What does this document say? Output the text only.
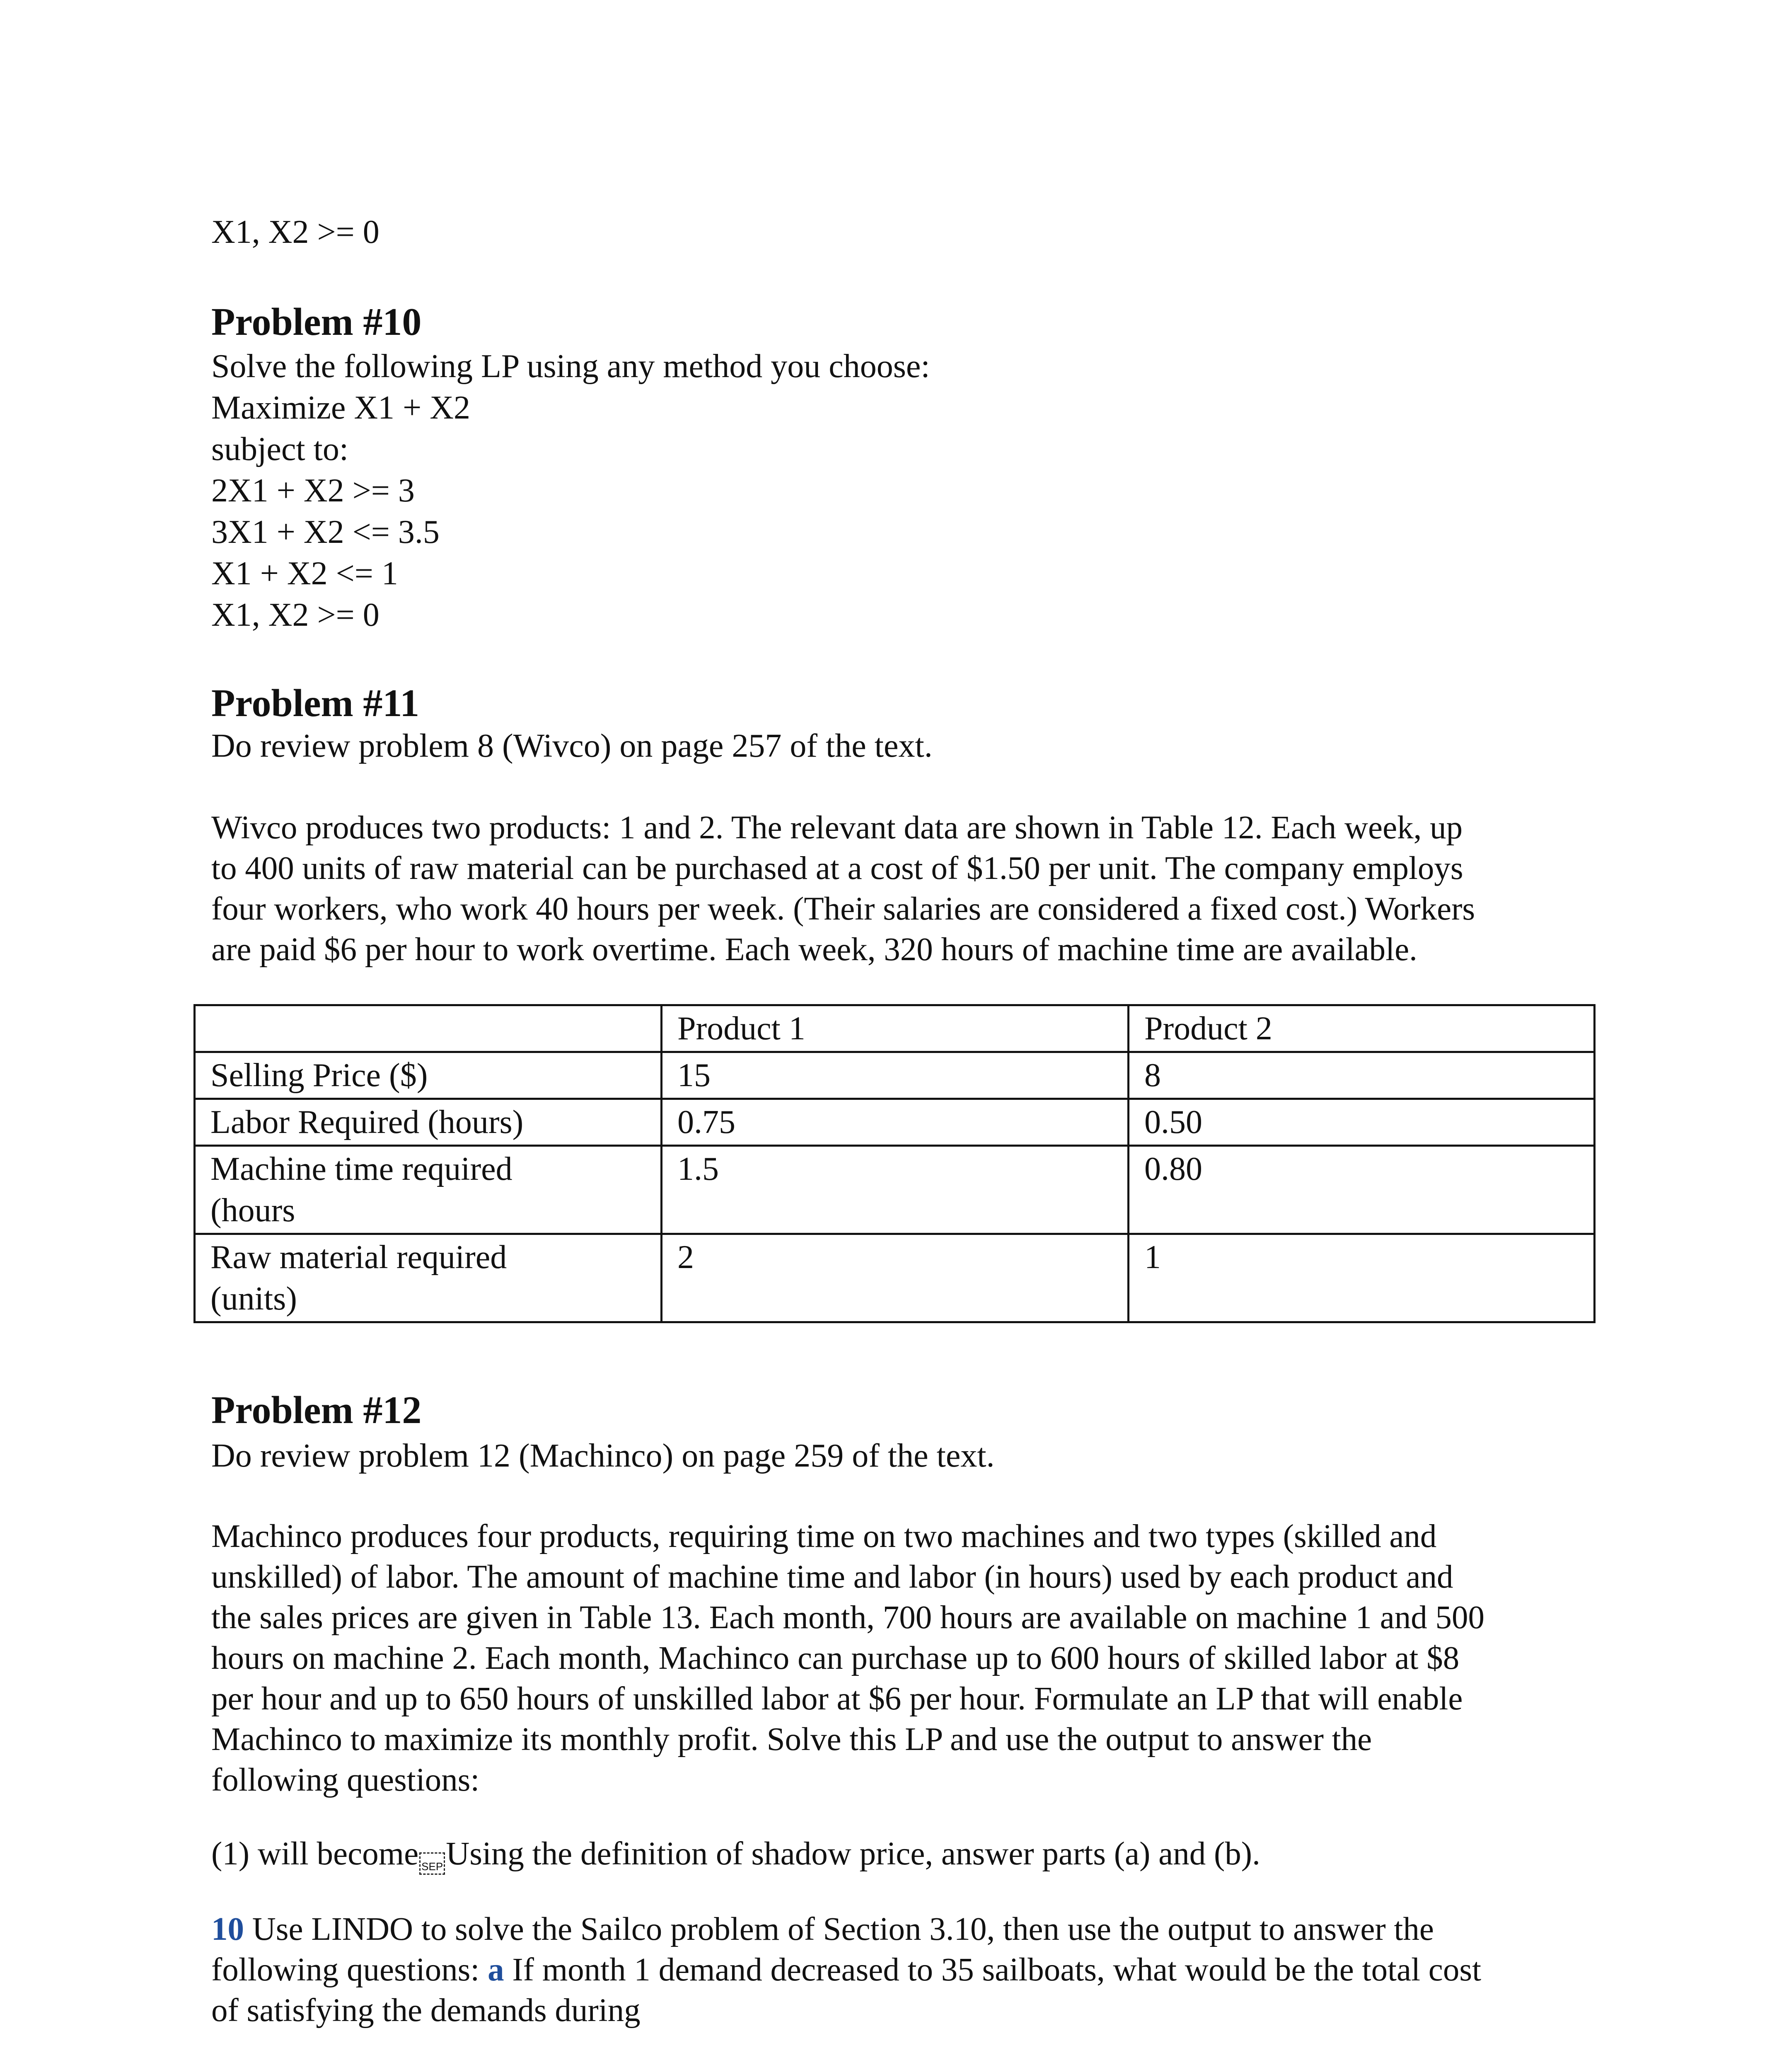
X1, X2 >= 0
Problem #10
Solve the following LP using any method you choose:
Maximize X1 + X2
subject to:
2X1 + X2 >= 3
3X1 + X2 <= 3.5
X1 + X2 <= 1
X1, X2 >= 0
Problem #11
Do review problem 8 (Wivco) on page 257 of the text.
Wivco produces two products: 1 and 2. The relevant data are shown in Table 12. Each week, up
to 400 units of raw material can be purchased at a cost of $1.50 per unit. The company employs
four workers, who work 40 hours per week. (Their salaries are considered a fixed cost.) Workers
are paid $6 per hour to work overtime. Each week, 320 hours of machine time are available.
	Product 1	Product 2
Selling Price ($)	15	8
Labor Required (hours)	0.75	0.50
Machine time required (hours	1.5	0.80
Raw material required (units)	2	1
Problem #12
Do review problem 12 (Machinco) on page 259 of the text.
Machinco produces four products, requiring time on two machines and two types (skilled and
unskilled) of labor. The amount of machine time and labor (in hours) used by each product and
the sales prices are given in Table 13. Each month, 700 hours are available on machine 1 and 500
hours on machine 2. Each month, Machinco can purchase up to 600 hours of skilled labor at $8
per hour and up to 650 hours of unskilled labor at $6 per hour. Formulate an LP that will enable
Machinco to maximize its monthly profit. Solve this LP and use the output to answer the
following questions:
(1) will become SEPUsing the definition of shadow price, answer parts (a) and (b).
10 Use LINDO to solve the Sailco problem of Section 3.10, then use the output to answer the
following questions: a If month 1 demand decreased to 35 sailboats, what would be the total cost
of satisfying the demands during
